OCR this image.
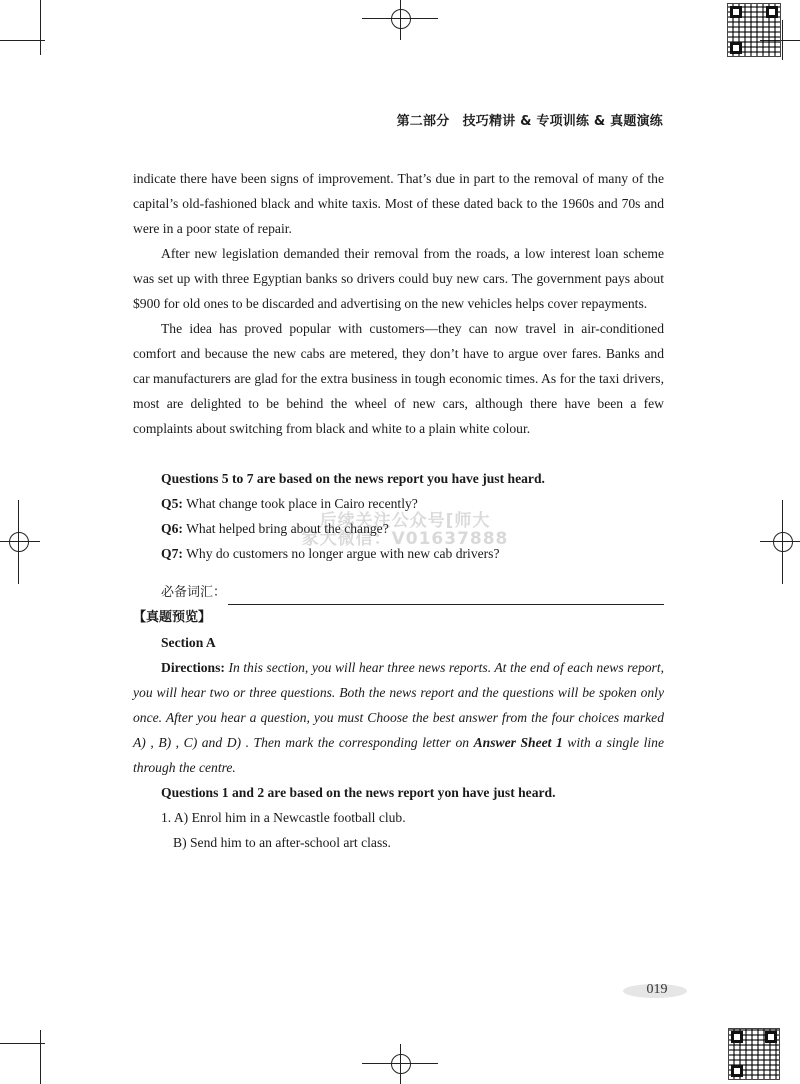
第二部分　技巧精讲 & 专项训练 & 真题演练

indicate there have been signs of improvement. That’s due in part to the removal of many of the capital’s old-fashioned black and white taxis. Most of these dated back to the 1960s and 70s and were in a poor state of repair.

After new legislation demanded their removal from the roads, a low interest loan scheme was set up with three Egyptian banks so drivers could buy new cars. The government pays about $900 for old ones to be discarded and advertising on the new vehicles helps cover repayments.

The idea has proved popular with customers—they can now travel in air-conditioned comfort and because the new cabs are metered, they don’t have to argue over fares. Banks and car manufacturers are glad for the extra business in tough economic times. As for the taxi drivers, most are delighted to be behind the wheel of new cars, although there have been a few complaints about switching from black and white to a plain white colour.

Questions 5 to 7 are based on the news report you have just heard.

Q5: What change took place in Cairo recently?

Q6: What helped bring about the change?

Q7: Why do customers no longer argue with new cab drivers?

必备词汇：

【真题预览】

Section A

Directions: In this section, you will hear three news reports. At the end of each news report, you will hear two or three questions. Both the news report and the questions will be spoken only once. After you hear a question, you must Choose the best answer from the four choices marked A) , B) , C) and D) . Then mark the corresponding letter on Answer Sheet 1 with a single line through the centre.

Questions 1 and 2 are based on the news report yon have just heard.

1. A) Enrol him in a Newcastle football club.

B) Send him to an after-school art class.

后续关注公众号[师大
家大微信：V01637888
019
